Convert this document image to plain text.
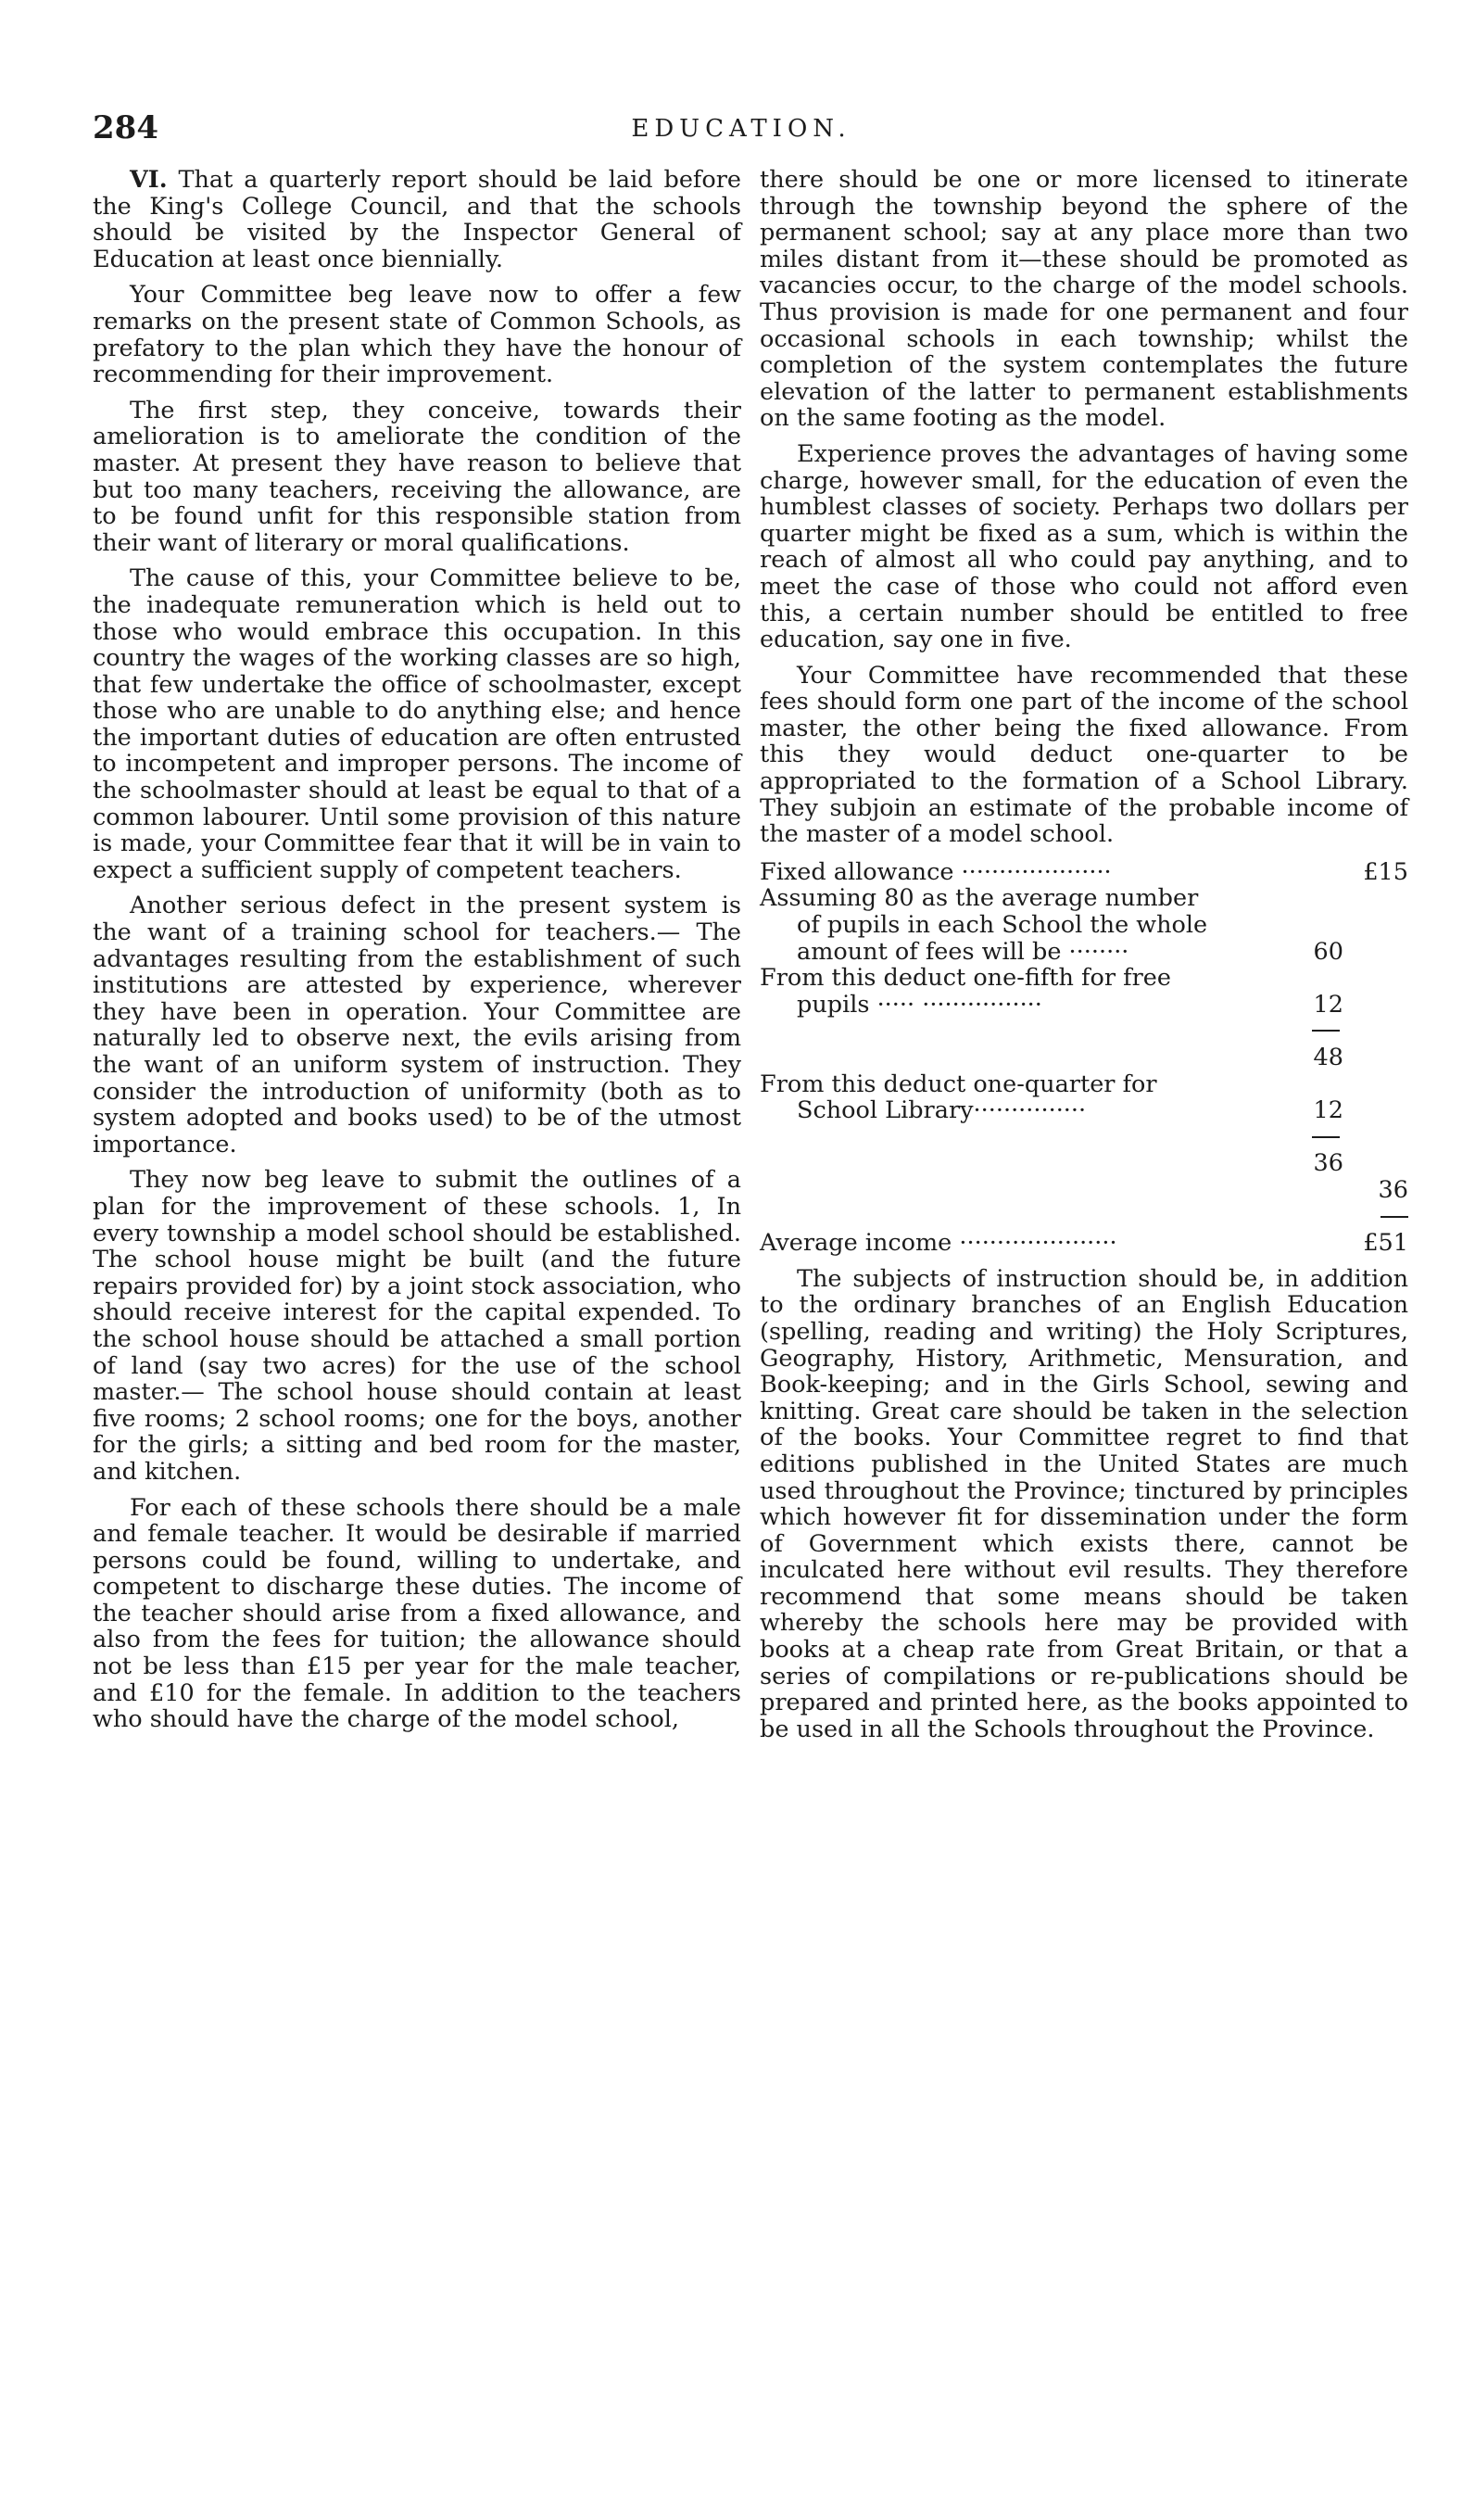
284	EDUCATION.

VI. That a quarterly report should be laid before the King's College Council, and that the schools should be visited by the Inspector General of Education at least once biennially.

Your Committee beg leave now to offer a few remarks on the present state of Common Schools, as prefatory to the plan which they have the honour of recommending for their improvement.

The first step, they conceive, towards their amelioration is to ameliorate the condition of the master. At present they have reason to believe that but too many teachers, receiving the allowance, are to be found unfit for this responsible station from their want of literary or moral qualifications.

The cause of this, your Committee believe to be, the inadequate remuneration which is held out to those who would embrace this occupation. In this country the wages of the working classes are so high, that few undertake the office of schoolmaster, except those who are unable to do anything else; and hence the important duties of education are often entrusted to incompetent and improper persons. The income of the schoolmaster should at least be equal to that of a common labourer. Until some provision of this nature is made, your Committee fear that it will be in vain to expect a sufficient supply of competent teachers.

Another serious defect in the present system is the want of a training school for teachers.— The advantages resulting from the establishment of such institutions are attested by experience, wherever they have been in operation. Your Committee are naturally led to observe next, the evils arising from the want of an uniform system of instruction. They consider the introduction of uniformity (both as to system adopted and books used) to be of the utmost importance.

They now beg leave to submit the outlines of a plan for the improvement of these schools. 1, In every township a model school should be established. The school house might be built (and the future repairs provided for) by a joint stock association, who should receive interest for the capital expended. To the school house should be attached a small portion of land (say two acres) for the use of the school master.— The school house should contain at least five rooms; 2 school rooms; one for the boys, another for the girls; a sitting and bed room for the master, and kitchen.

For each of these schools there should be a male and female teacher. It would be desirable if married persons could be found, willing to undertake, and competent to discharge these duties. The income of the teacher should arise from a fixed allowance, and also from the fees for tuition; the allowance should not be less than £15 per year for the male teacher, and £10 for the female. In addition to the teachers who should have the charge of the model school,

there should be one or more licensed to itinerate through the township beyond the sphere of the permanent school; say at any place more than two miles distant from it—these should be promoted as vacancies occur, to the charge of the model schools. Thus provision is made for one permanent and four occasional schools in each township; whilst the completion of the system contemplates the future elevation of the latter to permanent establishments on the same footing as the model.

Experience proves the advantages of having some charge, however small, for the education of even the humblest classes of society. Perhaps two dollars per quarter might be fixed as a sum, which is within the reach of almost all who could pay anything, and to meet the case of those who could not afford even this, a certain number should be entitled to free education, say one in five.

Your Committee have recommended that these fees should form one part of the income of the school master, the other being the fixed allowance. From this they would deduct one-quarter to be appropriated to the formation of a School Library. They subjoin an estimate of the probable income of the master of a model school.

Fixed allowance ····················	£15
Assuming 80 as the average number
of pupils in each School the whole
amount of fees will be ········	60
From this deduct one-fifth for free
pupils ····· ················	12
48
From this deduct one-quarter for
School Library···············	12
36
36
Average income ·····················	£51

The subjects of instruction should be, in addition to the ordinary branches of an English Education (spelling, reading and writing) the Holy Scriptures, Geography, History, Arithmetic, Mensuration, and Book-keeping; and in the Girls School, sewing and knitting. Great care should be taken in the selection of the books. Your Committee regret to find that editions published in the United States are much used throughout the Province; tinctured by principles which however fit for dissemination under the form of Government which exists there, cannot be inculcated here without evil results. They therefore recommend that some means should be taken whereby the schools here may be provided with books at a cheap rate from Great Britain, or that a series of compilations or re-publications should be prepared and printed here, as the books appointed to be used in all the Schools throughout the Province.
